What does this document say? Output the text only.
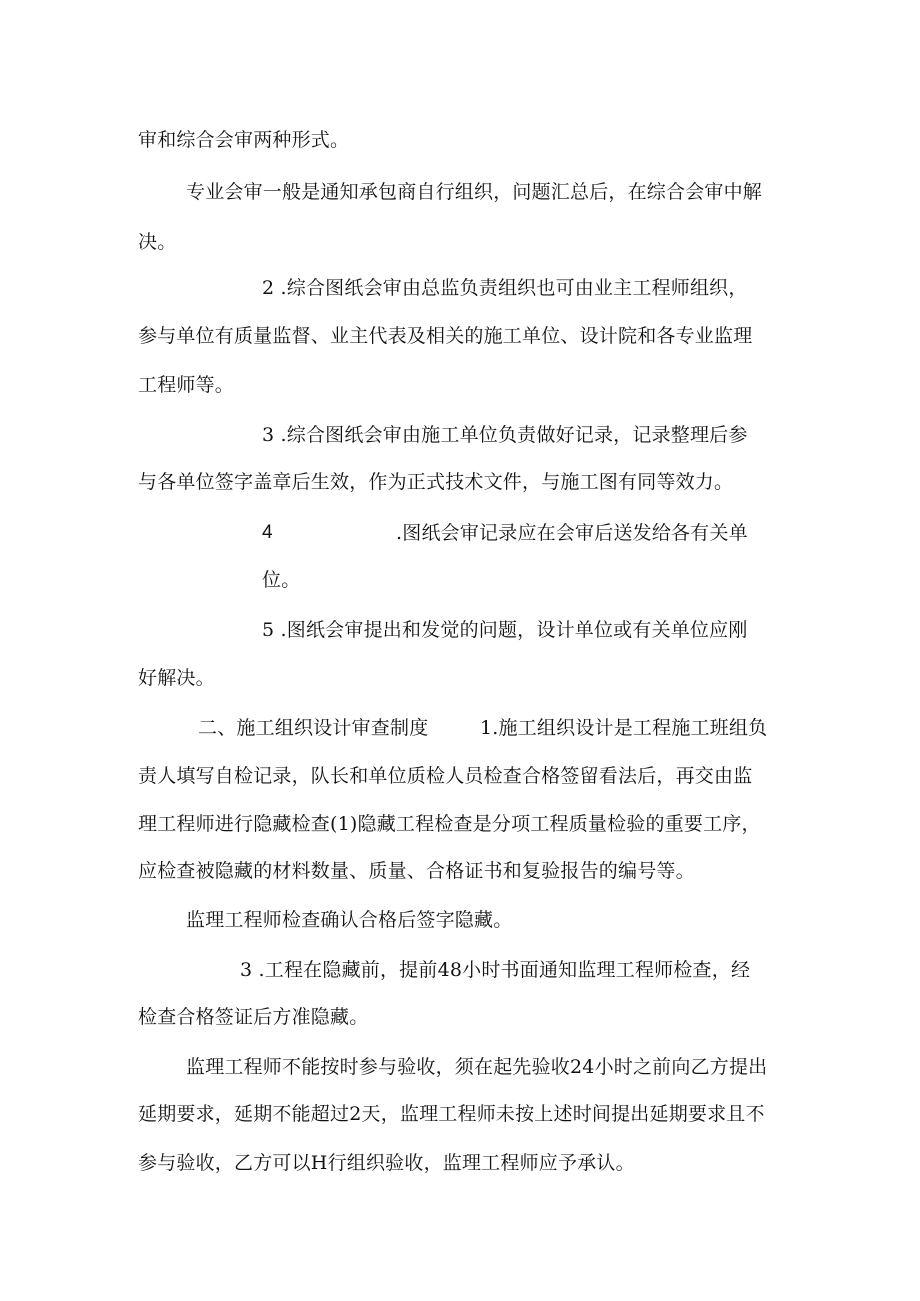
审和综合会审两种形式。
专业会审一般是通知承包商自行组织，问题汇总后，在综合会审中解
决。
2 .综合图纸会审由总监负责组织也可由业主工程师组织，
参与单位有质量监督、业主代表及相关的施工单位、设计院和各专业监理
工程师等。
3 .综合图纸会审由施工单位负责做好记录，记录整理后参
与各单位签字盖章后生效，作为正式技术文件，与施工图有同等效力。
4	.图纸会审记录应在会审后送发给各有关单
位。
5 .图纸会审提出和发觉的问题，设计单位或有关单位应刚
好解决。
二、施工组织设计审查制度	1.施工组织设计是工程施工班组负
责人填写自检记录，队长和单位质检人员检查合格签留看法后，再交由监
理工程师进行隐藏检查(1)隐藏工程检查是分项工程质量检验的重要工序，
应检查被隐藏的材料数量、质量、合格证书和复验报告的编号等。
监理工程师检查确认合格后签字隐藏。
3 .工程在隐藏前，提前48小时书面通知监理工程师检查，经
检查合格签证后方准隐藏。
监理工程师不能按时参与验收，须在起先验收24小时之前向乙方提出
延期要求，延期不能超过2天，监理工程师未按上述时间提出延期要求且不
参与验收，乙方可以H行组织验收，监理工程师应予承认。
